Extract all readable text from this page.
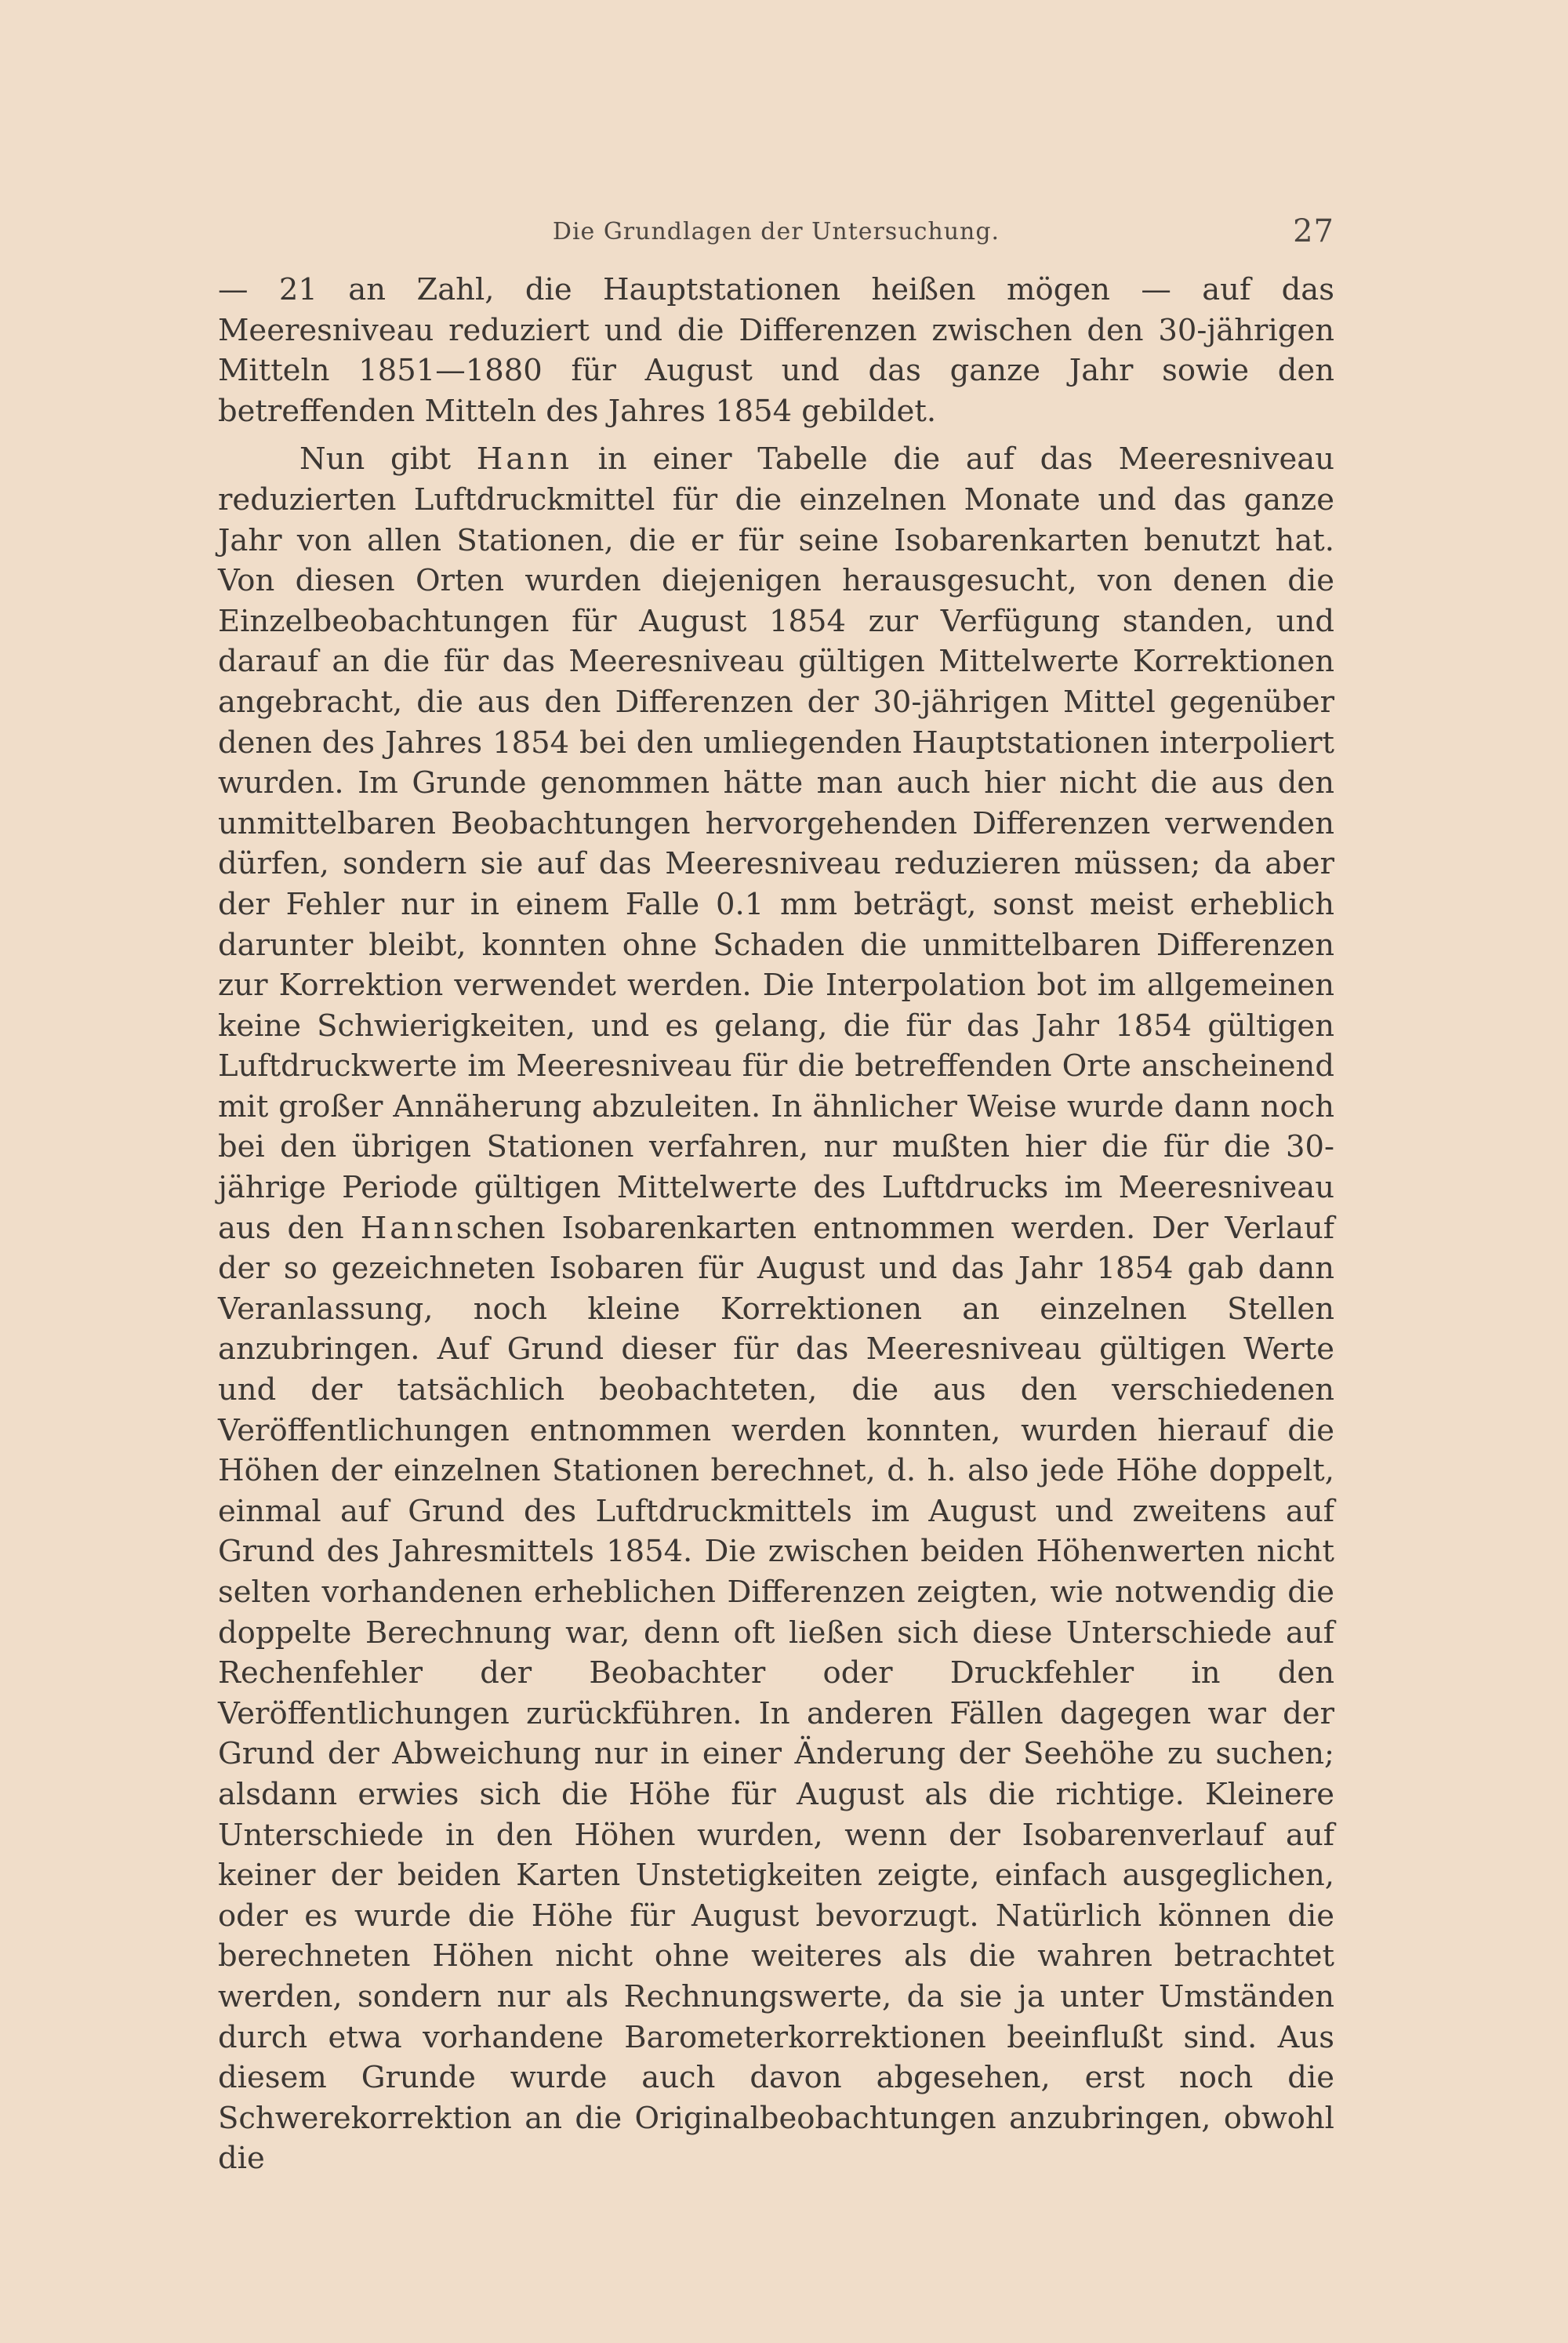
Die Grundlagen der Untersuchung.	27

— 21 an Zahl, die Hauptstationen heißen mögen — auf das Meeresniveau reduziert und die Differenzen zwischen den 30-jährigen Mitteln 1851—1880 für August und das ganze Jahr sowie den betreffenden Mitteln des Jahres 1854 gebildet.

Nun gibt Hann in einer Tabelle die auf das Meeresniveau reduzierten Luftdruckmittel für die einzelnen Monate und das ganze Jahr von allen Stationen, die er für seine Isobarenkarten benutzt hat. Von diesen Orten wurden diejenigen herausgesucht, von denen die Einzelbeobachtungen für August 1854 zur Verfügung standen, und darauf an die für das Meeresniveau gültigen Mittelwerte Korrektionen angebracht, die aus den Differenzen der 30-jährigen Mittel gegenüber denen des Jahres 1854 bei den umliegenden Hauptstationen interpoliert wurden. Im Grunde genommen hätte man auch hier nicht die aus den unmittelbaren Beobachtungen hervorgehenden Differenzen verwenden dürfen, sondern sie auf das Meeresniveau reduzieren müssen; da aber der Fehler nur in einem Falle 0.1 mm beträgt, sonst meist erheblich darunter bleibt, konnten ohne Schaden die unmittelbaren Differenzen zur Korrektion verwendet werden. Die Interpolation bot im allgemeinen keine Schwierigkeiten, und es gelang, die für das Jahr 1854 gültigen Luftdruckwerte im Meeresniveau für die betreffenden Orte anscheinend mit großer Annäherung abzuleiten. In ähnlicher Weise wurde dann noch bei den übrigen Stationen verfahren, nur mußten hier die für die 30-jährige Periode gültigen Mittelwerte des Luftdrucks im Meeresniveau aus den Hannschen Isobarenkarten entnommen werden. Der Verlauf der so gezeichneten Isobaren für August und das Jahr 1854 gab dann Veranlassung, noch kleine Korrektionen an einzelnen Stellen anzubringen. Auf Grund dieser für das Meeresniveau gültigen Werte und der tatsächlich beobachteten, die aus den verschiedenen Veröffentlichungen entnommen werden konnten, wurden hierauf die Höhen der einzelnen Stationen berechnet, d. h. also jede Höhe doppelt, einmal auf Grund des Luftdruckmittels im August und zweitens auf Grund des Jahresmittels 1854. Die zwischen beiden Höhenwerten nicht selten vorhandenen erheblichen Differenzen zeigten, wie notwendig die doppelte Berechnung war, denn oft ließen sich diese Unterschiede auf Rechenfehler der Beobachter oder Druckfehler in den Veröffentlichungen zurückführen. In anderen Fällen dagegen war der Grund der Abweichung nur in einer Änderung der Seehöhe zu suchen; alsdann erwies sich die Höhe für August als die richtige. Kleinere Unterschiede in den Höhen wurden, wenn der Isobarenverlauf auf keiner der beiden Karten Unstetigkeiten zeigte, einfach ausgeglichen, oder es wurde die Höhe für August bevorzugt. Natürlich können die berechneten Höhen nicht ohne weiteres als die wahren betrachtet werden, sondern nur als Rechnungswerte, da sie ja unter Umständen durch etwa vorhandene Barometerkorrektionen beeinflußt sind. Aus diesem Grunde wurde auch davon abgesehen, erst noch die Schwerekorrektion an die Originalbeobachtungen anzubringen, obwohl die
